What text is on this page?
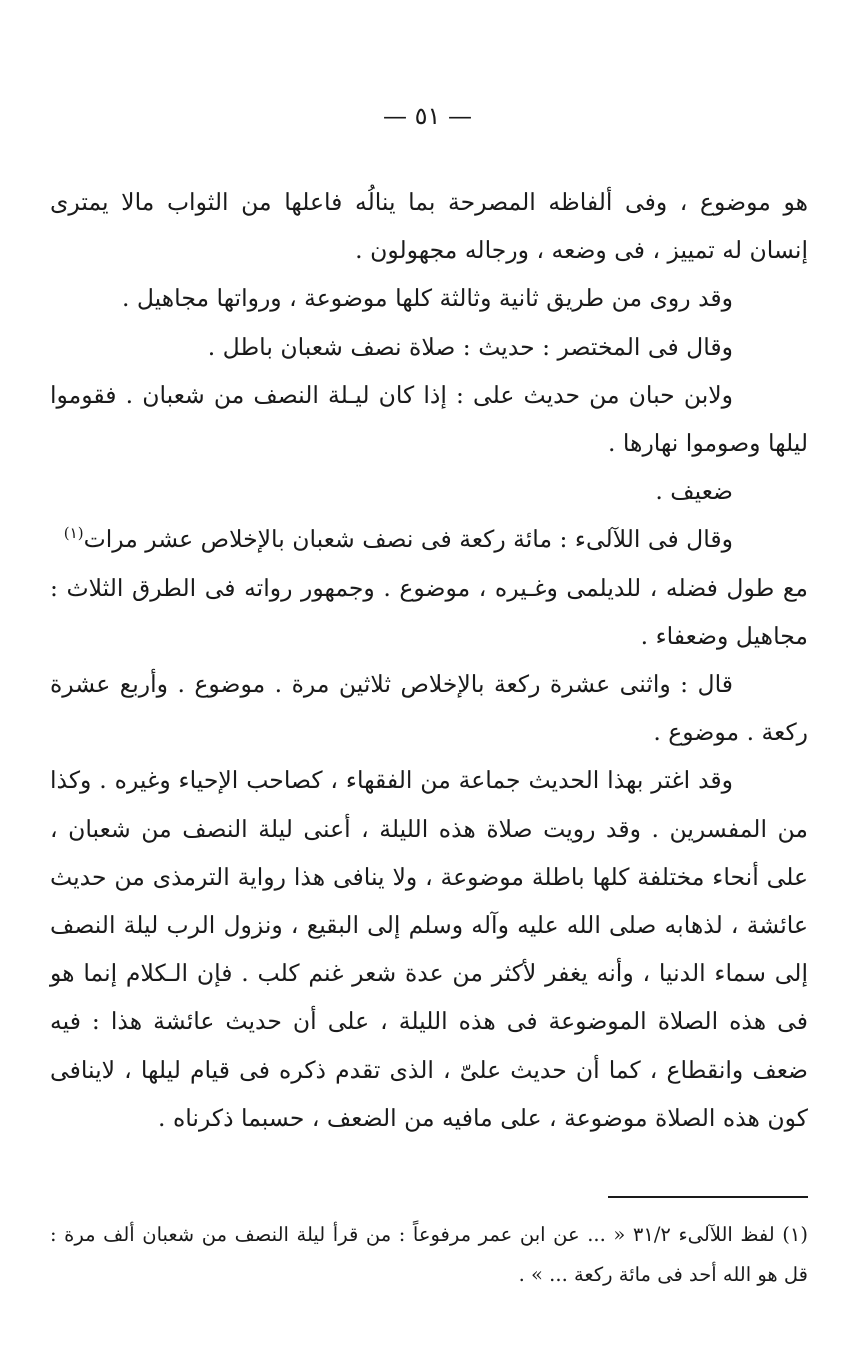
— ٥١ —

هو موضوع ، وفى ألفاظه المصرحة بما ينالُه فاعلها من الثواب مالا يمترى إنسان له تمييز ، فى وضعه ، ورجاله مجهولون .

وقد روى من طريق ثانية وثالثة كلها موضوعة ، ورواتها مجاهيل .

وقال فى المختصر : حديث : صلاة نصف شعبان باطل .

ولابن حبان من حديث على : إذا كان ليـلة النصف من شعبان . فقوموا ليلها وصوموا نهارها .

ضعيف .

وقال فى اللآلىء : مائة ركعة فى نصف شعبان بالإخلاص عشر مرات$^{(١)}$

مع طول فضله ، للديلمى وغـيره ، موضوع . وجمهور رواته فى الطرق الثلاث : مجاهيل وضعفاء .

قال : واثنى عشرة ركعة بالإخلاص ثلاثين مرة . موضوع . وأربع عشرة ركعة . موضوع .

وقد اغتر بهذا الحديث جماعة من الفقهاء ، كصاحب الإحياء وغيره . وكذا من المفسرين . وقد رويت صلاة هذه الليلة ، أعنى ليلة النصف من شعبان ، على أنحاء مختلفة كلها باطلة موضوعة ، ولا ينافى هذا رواية الترمذى من حديث عائشة ، لذهابه صلى الله عليه وآله وسلم إلى البقيع ، ونزول الرب ليلة النصف إلى سماء الدنيا ، وأنه يغفر لأكثر من عدة شعر غنم كلب . فإن الـكلام إنما هو فى هذه الصلاة الموضوعة فى هذه الليلة ، على أن حديث عائشة هذا : فيه ضعف وانقطاع ، كما أن حديث علىّ ، الذى تقدم ذكره فى قيام ليلها ، لاينافى كون هذه الصلاة موضوعة ، على مافيه من الضعف ، حسبما ذكرناه .

(١) لفظ اللآلىء ٣١/٢ « ... عن ابن عمر مرفوعاً : من قرأ ليلة النصف من شعبان ألف مرة : قل هو الله أحد فى مائة ركعة ... » .
